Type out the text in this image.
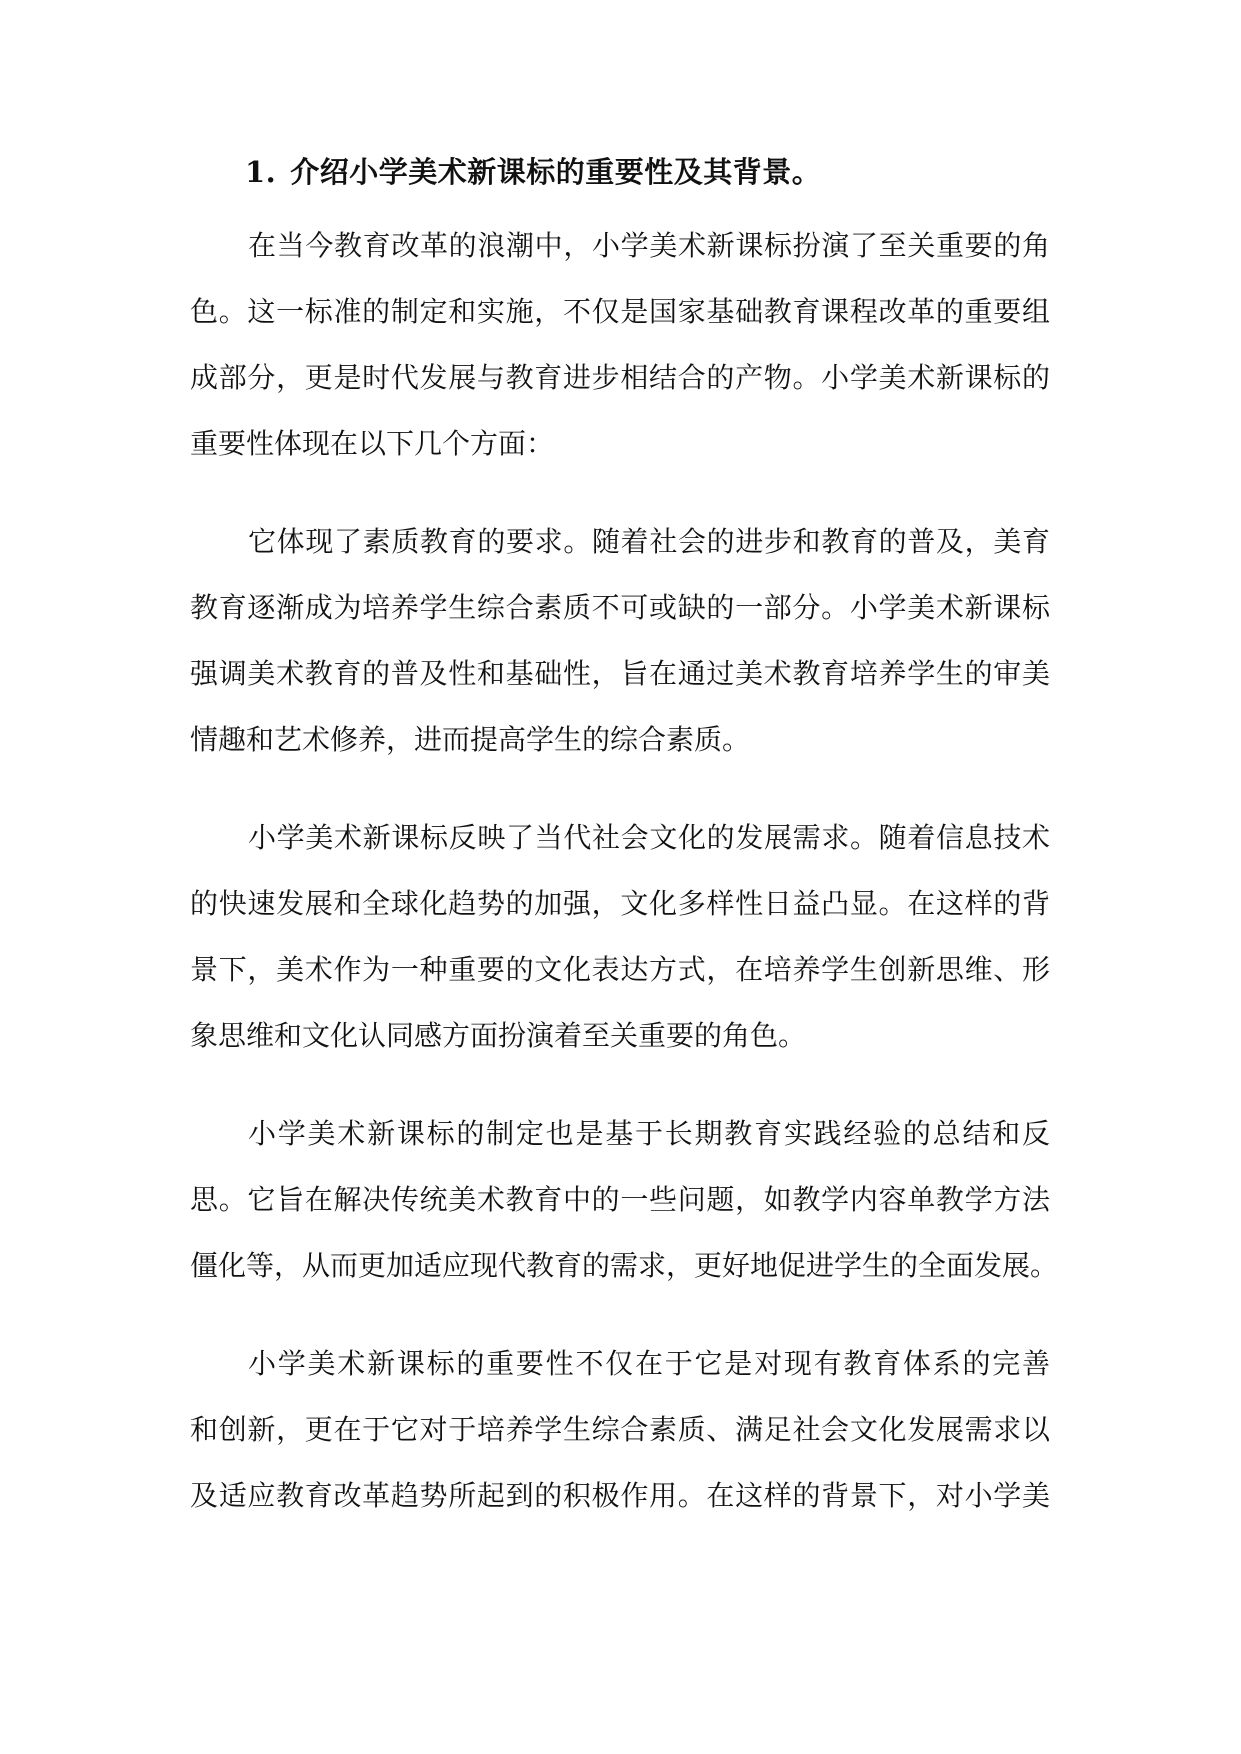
1. 介绍小学美术新课标的重要性及其背景。
在当今教育改革的浪潮中，小学美术新课标扮演了至关重要的角
色。这一标准的制定和实施，不仅是国家基础教育课程改革的重要组
成部分，更是时代发展与教育进步相结合的产物。小学美术新课标的
重要性体现在以下几个方面：
它体现了素质教育的要求。随着社会的进步和教育的普及，美育
教育逐渐成为培养学生综合素质不可或缺的一部分。小学美术新课标
强调美术教育的普及性和基础性，旨在通过美术教育培养学生的审美
情趣和艺术修养，进而提高学生的综合素质。
小学美术新课标反映了当代社会文化的发展需求。随着信息技术
的快速发展和全球化趋势的加强，文化多样性日益凸显。在这样的背
景下，美术作为一种重要的文化表达方式，在培养学生创新思维、形
象思维和文化认同感方面扮演着至关重要的角色。
小学美术新课标的制定也是基于长期教育实践经验的总结和反
思。它旨在解决传统美术教育中的一些问题，如教学内容单教学方法
僵化等，从而更加适应现代教育的需求，更好地促进学生的全面发展。
小学美术新课标的重要性不仅在于它是对现有教育体系的完善
和创新，更在于它对于培养学生综合素质、满足社会文化发展需求以
及适应教育改革趋势所起到的积极作用。在这样的背景下，对小学美
